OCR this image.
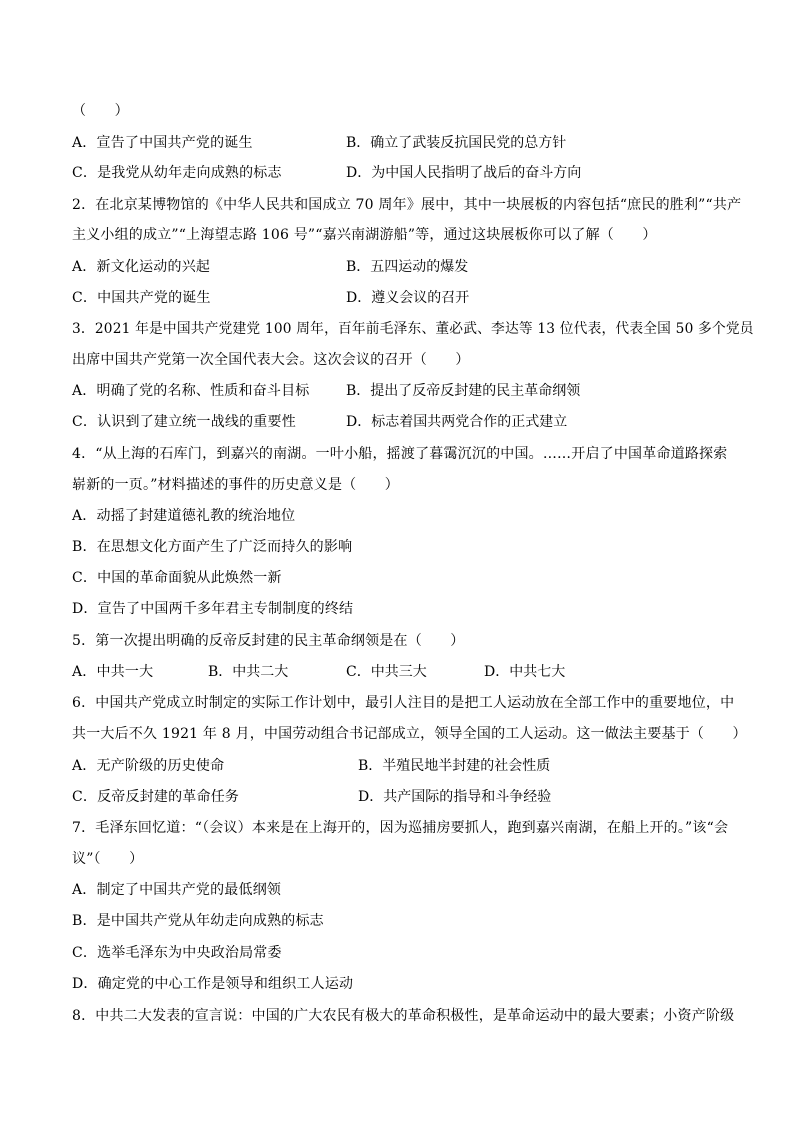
（　　）
A．宣告了中国共产党的诞生	B．确立了武装反抗国民党的总方针
C．是我党从幼年走向成熟的标志	D．为中国人民指明了战后的奋斗方向
2．在北京某博物馆的《中华人民共和国成立 70 周年》展中，其中一块展板的内容包括“庶民的胜利”“共产
主义小组的成立”“上海望志路 106 号”“嘉兴南湖游船”等，通过这块展板你可以了解（　　）
A．新文化运动的兴起	B．五四运动的爆发
C．中国共产党的诞生	D．遵义会议的召开
3．2021 年是中国共产党建党 100 周年，百年前毛泽东、董必武、李达等 13 位代表，代表全国 50 多个党员
出席中国共产党第一次全国代表大会。这次会议的召开（　　）
A．明确了党的名称、性质和奋斗目标	B．提出了反帝反封建的民主革命纲领
C．认识到了建立统一战线的重要性	D．标志着国共两党合作的正式建立
4．“从上海的石库门，到嘉兴的南湖。一叶小船，摇渡了暮霭沉沉的中国。……开启了中国革命道路探索
崭新的一页。”材料描述的事件的历史意义是（　　）
A．动摇了封建道德礼教的统治地位
B．在思想文化方面产生了广泛而持久的影响
C．中国的革命面貌从此焕然一新
D．宣告了中国两千多年君主专制制度的终结
5．第一次提出明确的反帝反封建的民主革命纲领是在（　　）
A．中共一大	B．中共二大	C．中共三大	D．中共七大
6．中国共产党成立时制定的实际工作计划中，最引人注目的是把工人运动放在全部工作中的重要地位，中
共一大后不久 1921 年 8 月，中国劳动组合书记部成立，领导全国的工人运动。这一做法主要基于（　　）
A．无产阶级的历史使命	B．半殖民地半封建的社会性质
C．反帝反封建的革命任务	D．共产国际的指导和斗争经验
7．毛泽东回忆道：“（会议）本来是在上海开的，因为巡捕房要抓人，跑到嘉兴南湖，在船上开的。”该“会
议”（　　）
A．制定了中国共产党的最低纲领
B．是中国共产党从年幼走向成熟的标志
C．选举毛泽东为中央政治局常委
D．确定党的中心工作是领导和组织工人运动
8．中共二大发表的宣言说：中国的广大农民有极大的革命积极性，是革命运动中的最大要素；小资产阶级
